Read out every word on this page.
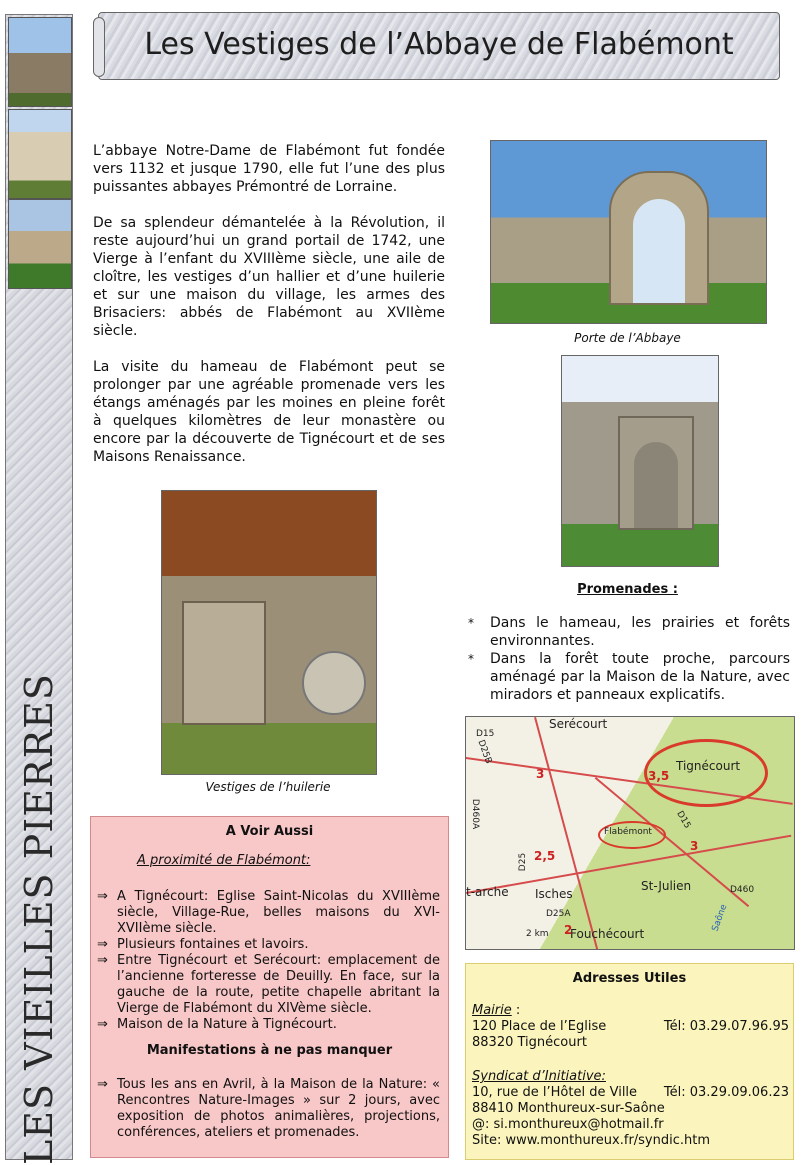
LES VIEILLES PIERRES
Les Vestiges de l’Abbaye de Flabémont

L’abbaye Notre-Dame de Flabémont fut fondée vers 1132 et jusque 1790, elle fut l’une des plus puissantes abbayes Prémontré de Lorraine.

De sa splendeur démantelée à la Révolution, il reste aujourd’hui un grand portail de 1742, une Vierge à l’enfant du XVIIIème siècle, une aile de cloître, les vestiges d’un hallier et d’une huilerie et sur une maison du village, les armes des Brisaciers: abbés de Flabémont au XVIIème siècle.

La visite du hameau de Flabémont peut se prolonger par une agréable promenade vers les étangs aménagés par les moines en pleine forêt à quelques kilomètres de leur monastère ou encore par la découverte de Tignécourt et de ses Maisons Renaissance.

Porte de l’Abbaye
Vestiges de l’huilerie
Promenades :
* Dans le hameau, les prairies et forêts environnantes.
* Dans la forêt toute proche, parcours aménagé par la Maison de la Nature, avec miradors et panneaux explicatifs.
Serécourt
Tignécourt
Flabémont
Isches
St-Julien
Fouchécourt
t-arche
D15
D25B
D460A
D25
D25A
D460
D15
3	3,5
2,5
3
2
2 km
Saône
A Voir Aussi
A proximité de Flabémont:
⇒ A Tignécourt: Eglise Saint-Nicolas du XVIIIème siècle, Village-Rue, belles maisons du XVI-XVIIème siècle.
⇒ Plusieurs fontaines et lavoirs.
⇒ Entre Tignécourt et Serécourt: emplacement de l’ancienne forteresse de Deuilly. En face, sur la gauche de la route, petite chapelle abritant la Vierge de Flabémont du XIVème siècle.
⇒ Maison de la Nature à Tignécourt.
Manifestations à ne pas manquer
⇒ Tous les ans en Avril, à la Maison de la Nature: « Rencontres Nature-Images » sur 2 jours, avec exposition de photos animalières, projections, conférences, ateliers et promenades.
Adresses Utiles
Mairie :
120 Place de l’Eglise	Tél: 03.29.07.96.95
88320 Tignécourt
Syndicat d’Initiative:
10, rue de l’Hôtel de Ville Tél: 03.29.09.06.23
88410 Monthureux-sur-Saône
@: si.monthureux@hotmail.fr
Site: www.monthureux.fr/syndic.htm
